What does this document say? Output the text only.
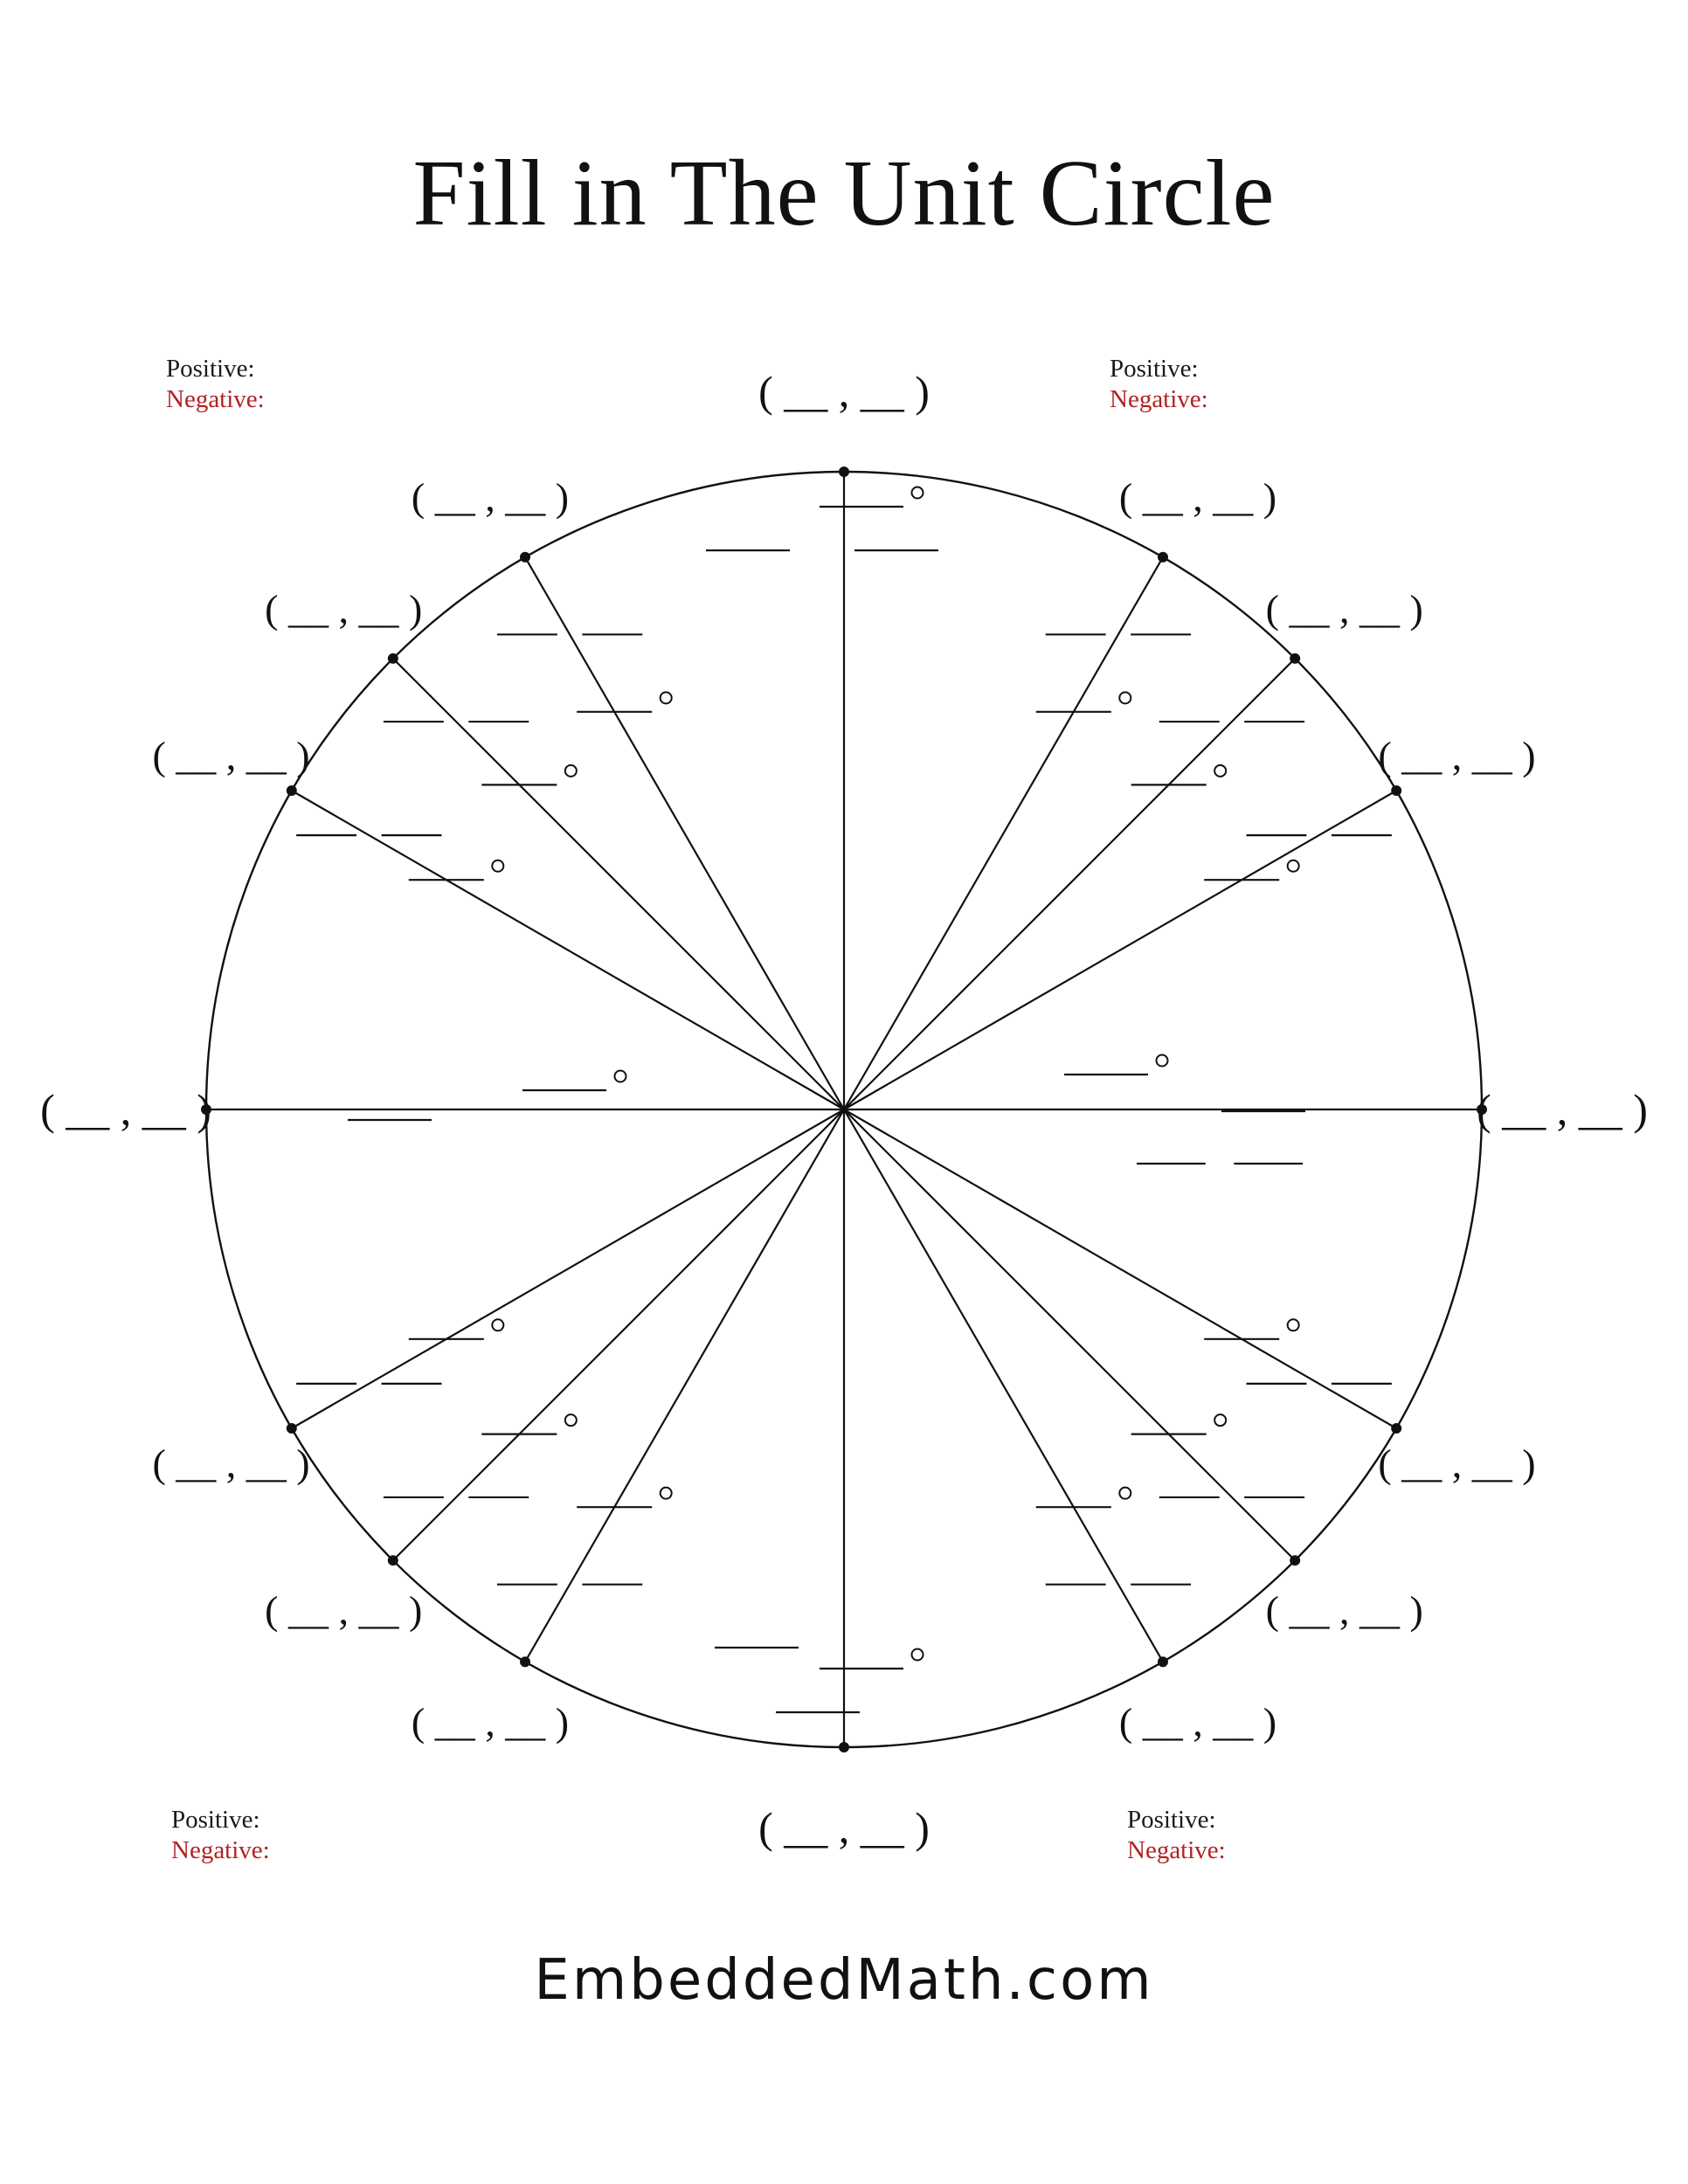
Fill in The Unit Circle
Positive:
Negative:
Positive:
Negative:
Positive:
Negative:
Positive:
Negative:
( __ , __ )
( __ , __ )
( __ , __ )
( __ , __ )
( __ , __ )
( __ , __ )
( __ , __ )
( __ , __ )
( __ , __ )
( __ , __ )
( __ , __ )
( __ , __ )
( __ , __ )	( __ , __ )
( __ , __ )
( __ , __ )
EmbeddedMath.com
